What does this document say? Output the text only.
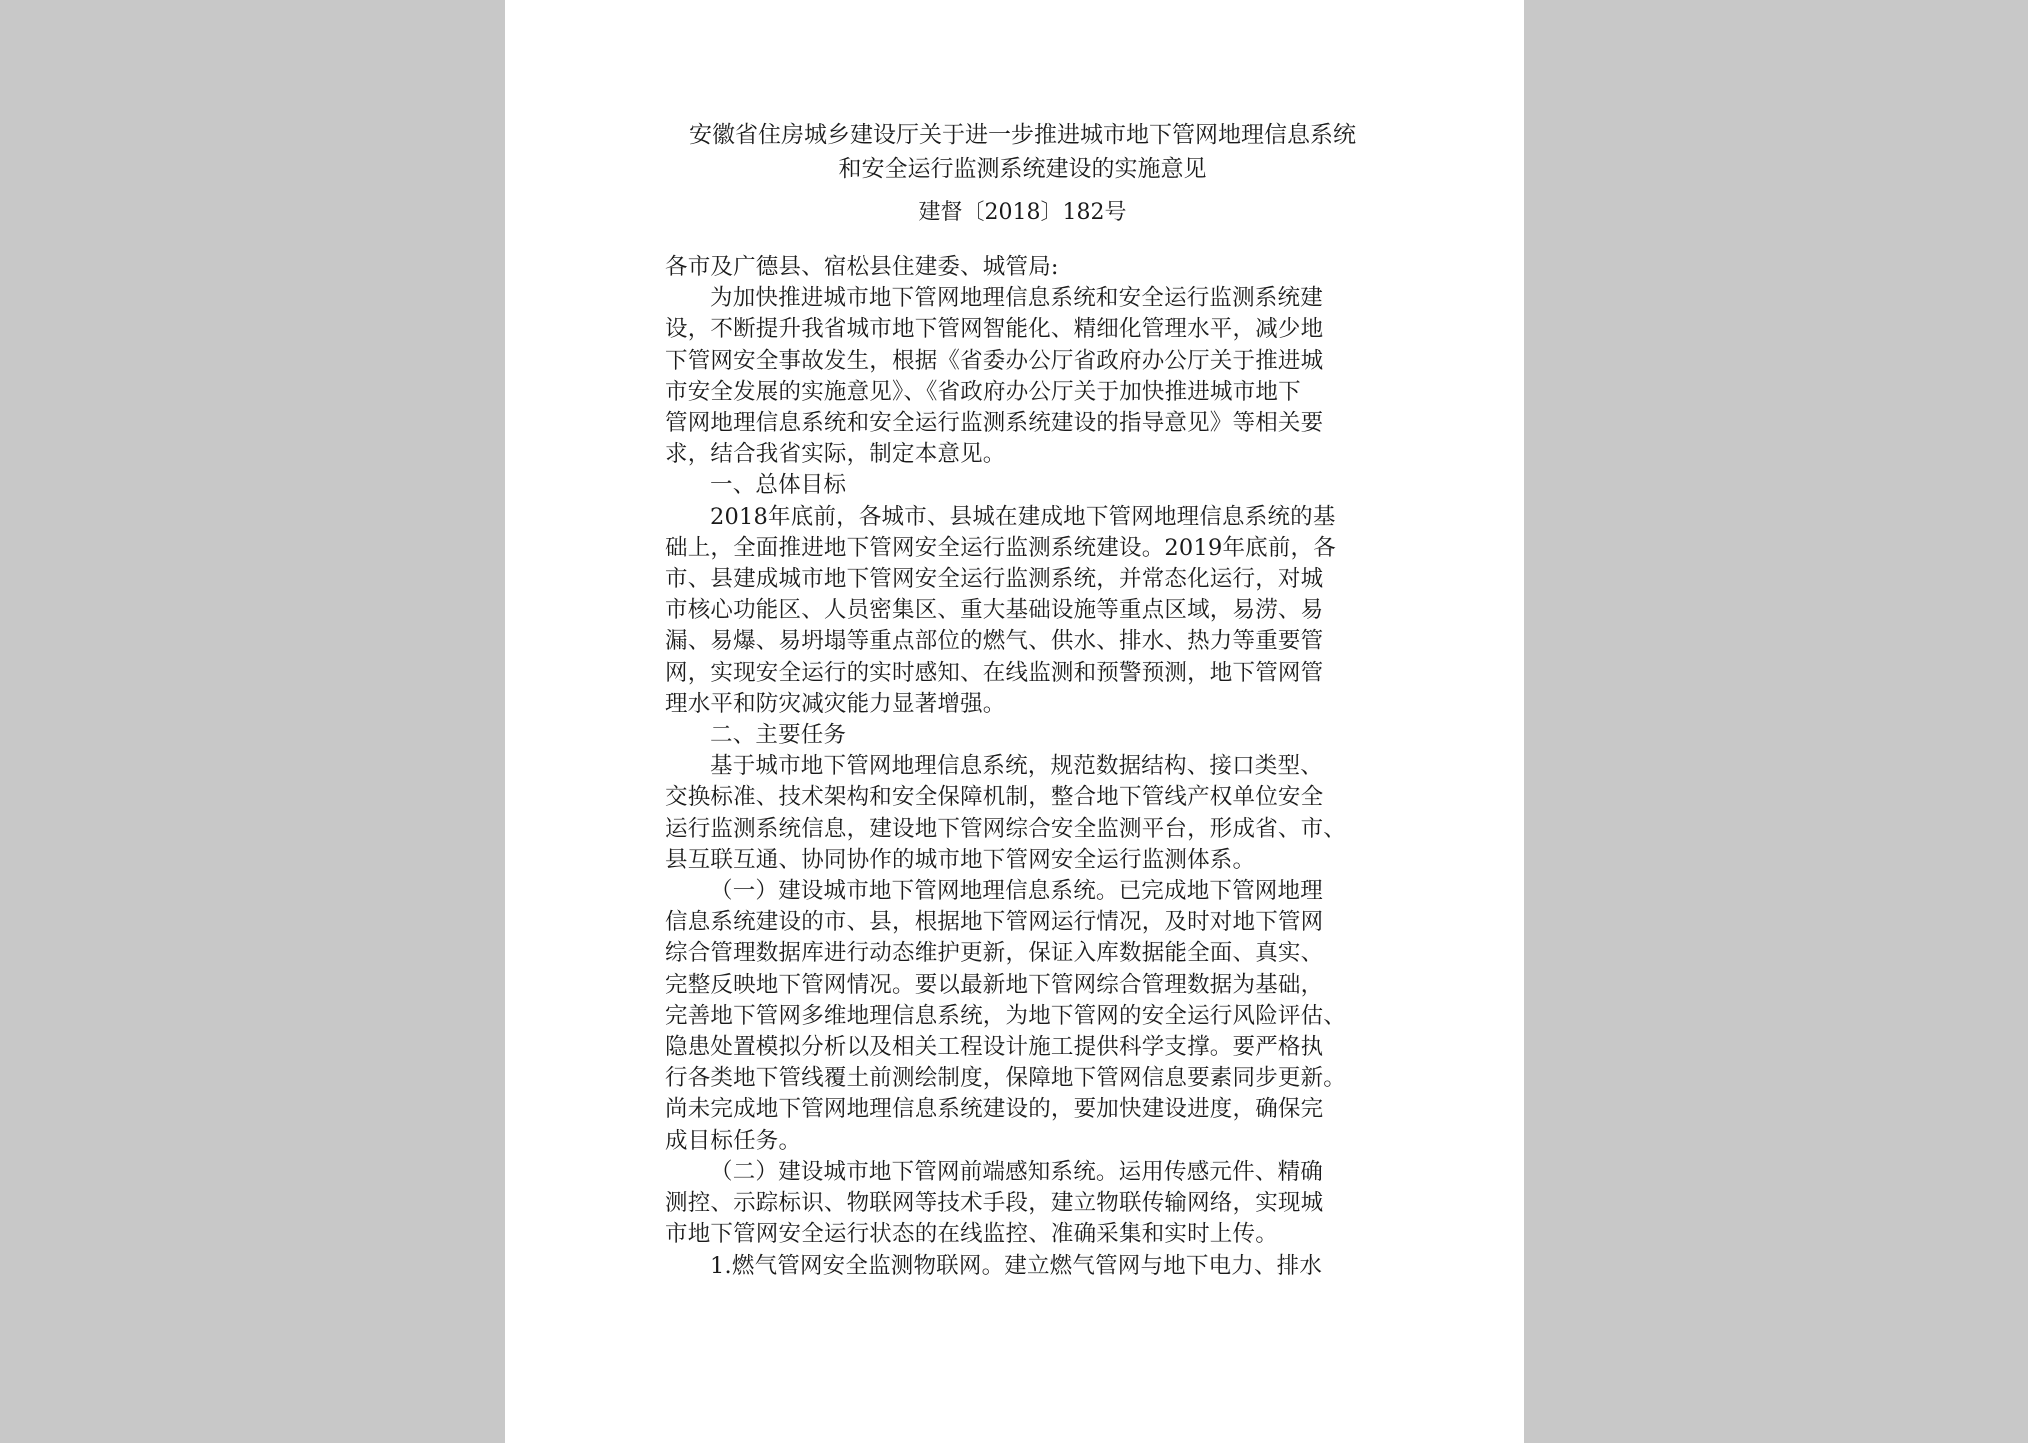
安徽省住房城乡建设厅关于进一步推进城市地下管网地理信息系统
和安全运行监测系统建设的实施意见
建督〔2018〕182号

各市及广德县、宿松县住建委、城管局:

为加快推进城市地下管网地理信息系统和安全运行监测系统建

设，不断提升我省城市地下管网智能化、精细化管理水平，减少地

下管网安全事故发生，根据《省委办公厅省政府办公厅关于推进城

市安全发展的实施意见》、《省政府办公厅关于加快推进城市地下

管网地理信息系统和安全运行监测系统建设的指导意见》等相关要

求，结合我省实际，制定本意见。

一、总体目标

2018年底前，各城市、县城在建成地下管网地理信息系统的基

础上，全面推进地下管网安全运行监测系统建设。2019年底前，各

市、县建成城市地下管网安全运行监测系统，并常态化运行，对城

市核心功能区、人员密集区、重大基础设施等重点区域，易涝、易

漏、易爆、易坍塌等重点部位的燃气、供水、排水、热力等重要管

网，实现安全运行的实时感知、在线监测和预警预测，地下管网管

理水平和防灾减灾能力显著增强。

二、主要任务

基于城市地下管网地理信息系统，规范数据结构、接口类型、

交换标准、技术架构和安全保障机制，整合地下管线产权单位安全

运行监测系统信息，建设地下管网综合安全监测平台，形成省、市、

县互联互通、协同协作的城市地下管网安全运行监测体系。

（一）建设城市地下管网地理信息系统。已完成地下管网地理

信息系统建设的市、县，根据地下管网运行情况，及时对地下管网

综合管理数据库进行动态维护更新，保证入库数据能全面、真实、

完整反映地下管网情况。要以最新地下管网综合管理数据为基础，

完善地下管网多维地理信息系统，为地下管网的安全运行风险评估、

隐患处置模拟分析以及相关工程设计施工提供科学支撑。要严格执

行各类地下管线覆土前测绘制度，保障地下管网信息要素同步更新。

尚未完成地下管网地理信息系统建设的，要加快建设进度，确保完

成目标任务。

（二）建设城市地下管网前端感知系统。运用传感元件、精确

测控、示踪标识、物联网等技术手段，建立物联传输网络，实现城

市地下管网安全运行状态的在线监控、准确采集和实时上传。

1.燃气管网安全监测物联网。建立燃气管网与地下电力、排水
